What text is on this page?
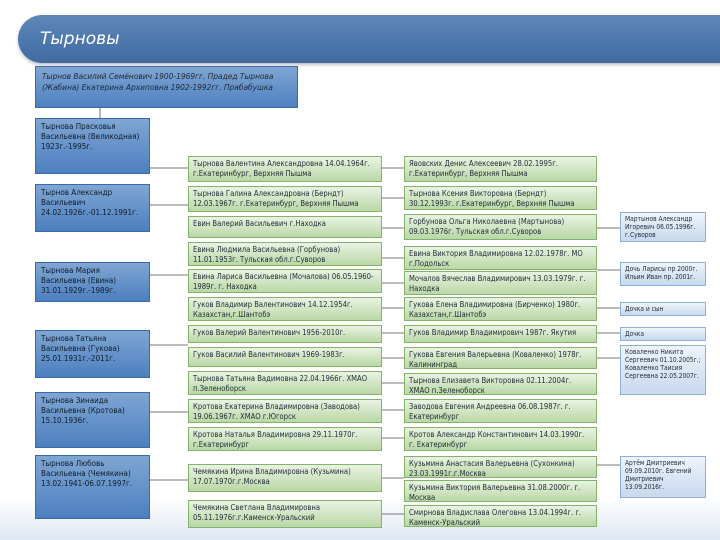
Тырновы
Тырнов Василий Семёнович 1900-1969гг. Прадед Тырнова (Жабина) Екатерина Архиповна 1902-1992гг. Прабабушка
Тырнова Прасковья Васильевна (Великодная) 1923г.-1995г.
Тырнов Александр Васильевич 24.02.1926г.-01.12.1991г.
Тырнова Мария Васильевна (Евина) 31.01.1929г.-1989г.
Тырнова Татьяна Васильевна (Гукова) 25.01.1931г.-2011г.
Тырнова Зинаида Васильевна (Кротова) 15.10.1936г.
Тырнова Любовь Васильевна (Чемякина) 13.02.1941-06.07.1997г.
Тырнова Валентина Александровна 14.04.1964г. г.Екатеринбург, Верхняя Пышма
Тырнова Галина Александровна (Берндт) 12.03.1967г. г.Екатеринбург, Верхняя Пышма
Евин Валерий Васильевич г.Находка
Евина Людмила Васильевна (Горбунова) 11.01.1953г. Тульская обл.г.Суворов
Евина Лариса Васильевна (Мочалова) 06.05.1960-1989г. г. Находка
Гуков Владимир Валентинович 14.12.1954г. Казахстан,г.Шантобэ
Гуков Валерий Валентинович 1956-2010г.
Гуков Василий Валентинович 1969-1983г.
Тырнова Татьяна Вадимовна 22.04.1966г. ХМАО п.Зеленоборск
Кротова Екатерина Владимировна (Заводова) 19.06.1967г. ХМАО г.Югорск
Кротова Наталья Владимировна 29.11.1970г. г.Екатеринбург
Чемякина Ирина Владимировна (Кузьмина) 17.07.1970г.г.Москва
Чемякина Светлана Владимировна 05.11.1976г.г.Каменск-Уральский
Явовских Денис Алексеевич 28.02.1995г. г.Екатеринбург, Верхняя Пышма
Тырнова Ксения Викторовна (Берндт) 30.12.1993г. г.Екатеринбург, Верхняя Пышма
Горбунова Ольга Николаевна (Мартынова) 09.03.1976г. Тульская обл.г.Суворов
Евина Виктория Владимировна 12.02.1978г. МО г.Подольск
Мочалов Вячеслав Владимирович 13.03.1979г. г. Находка
Гукова Елена Владимировна (Бирченко) 1980г. Казахстан,г.Шантобэ
Гуков Владимир Владимирович 1987г. Якутия
Гукова Евгения Валерьевна (Коваленко) 1978г. Калининград
Тырнова Елизавета Викторовна 02.11.2004г. ХМАО п.Зеленоборск
Заводова Евгения Андреевна 06.08.1987г. г. Екатеринбург
Кротов Александр Константинович 14.03.1990г. г. Екатеринбург
Кузьмина Анастасия Валерьевна (Сухонкина) 23.03.1991г.г.Москва
Кузьмина Виктория Валерьевна 31.08.2000г. г. Москва
Смирнова Владислава Олеговна 13.04.1994г. г. Каменск-Уральский
Мартынов Александр Игоревич 06.05.1996г. г.Суворов
Дочь Ларисы пр 2000г. Ильин Иван пр. 2001г.
Дочка и сын
Дочка
Коваленко Никита Сергеевич 01.10.2005г.; Коваленко Таисия Сергеевна 22.05.2007г.
Артём Дмитриевич 09.09.2010г. Евгений Дмитриевич 13.09.2016г.
